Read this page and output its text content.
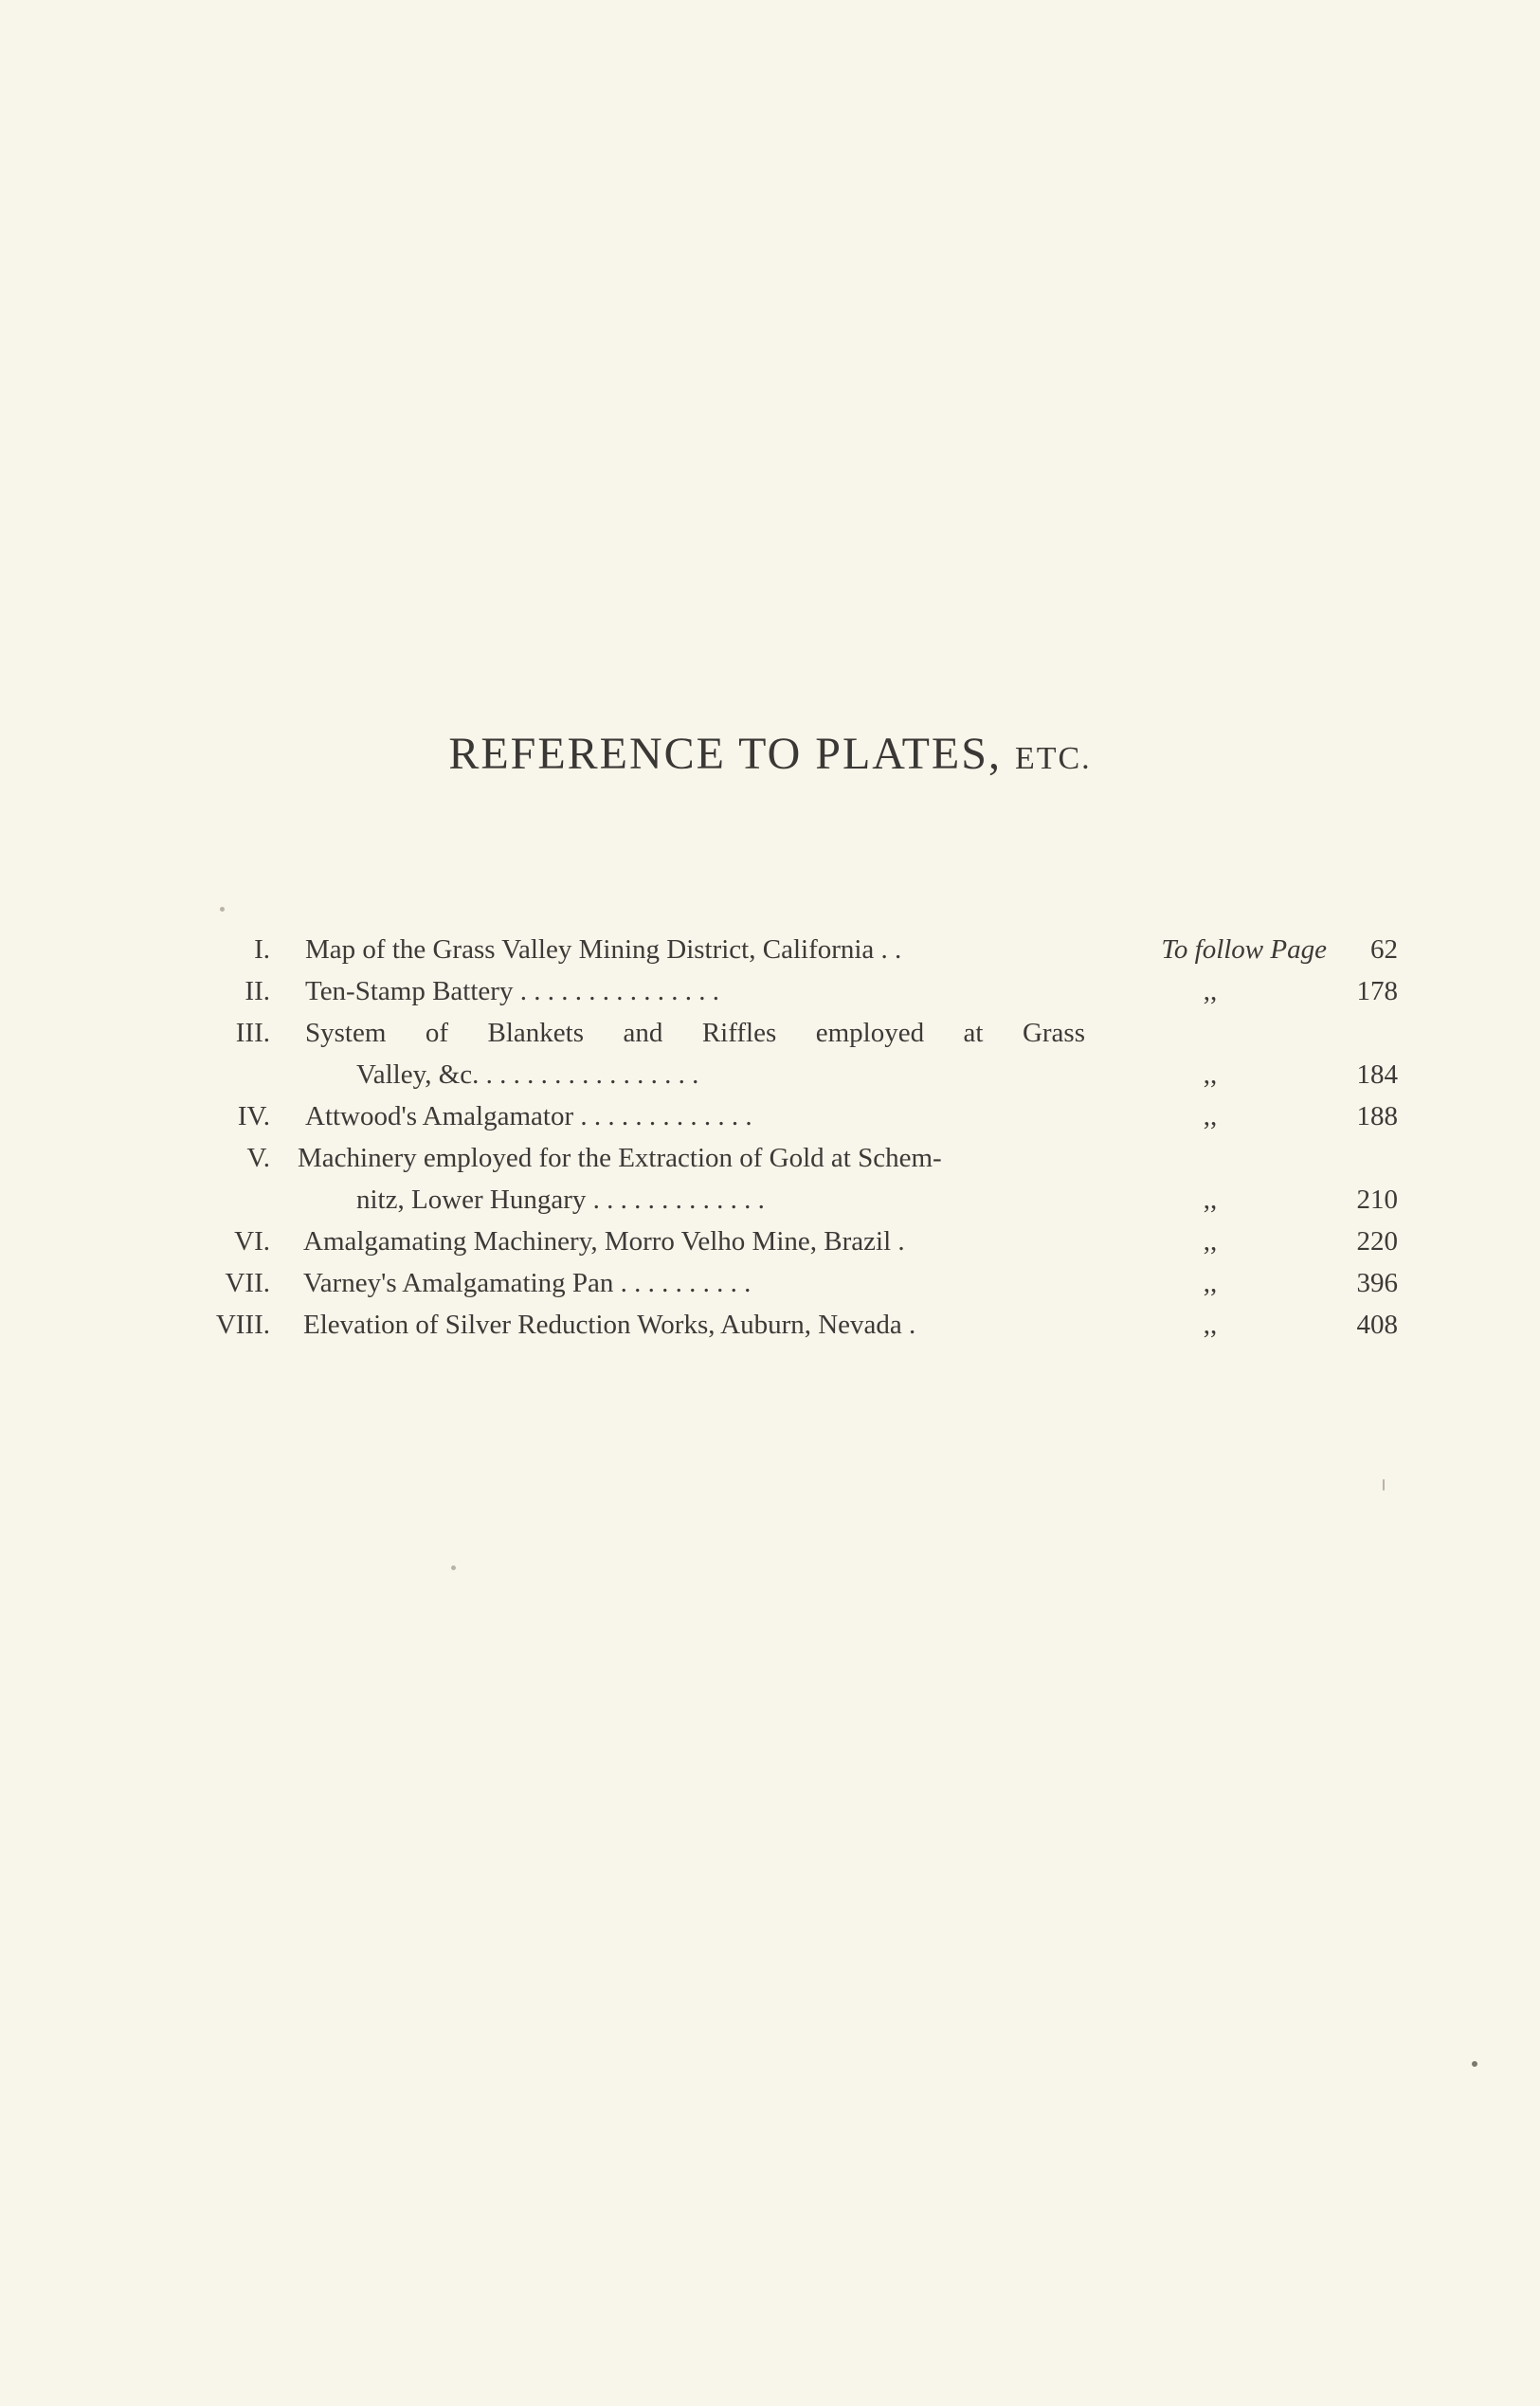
REFERENCE TO PLATES, ETC.
I. Map of the Grass Valley Mining District, California . .	To follow Page	62
II. Ten-Stamp Battery . . . . . . . . . . . . . . .	,,	178
III. System of Blankets and Riffles employed at Grass
Valley, &c. . . . . . . . . . . . . . . . .	,,	184
IV. Attwood's Amalgamator . . . . . . . . . . . . .	,,	188
V. Machinery employed for the Extraction of Gold at Schem-
nitz, Lower Hungary . . . . . . . . . . . . .	,,	210
VI. Amalgamating Machinery, Morro Velho Mine, Brazil .	,,	220
VII. Varney's Amalgamating Pan . . . . . . . . . .	,,	396
VIII. Elevation of Silver Reduction Works, Auburn, Nevada .	,,	408
